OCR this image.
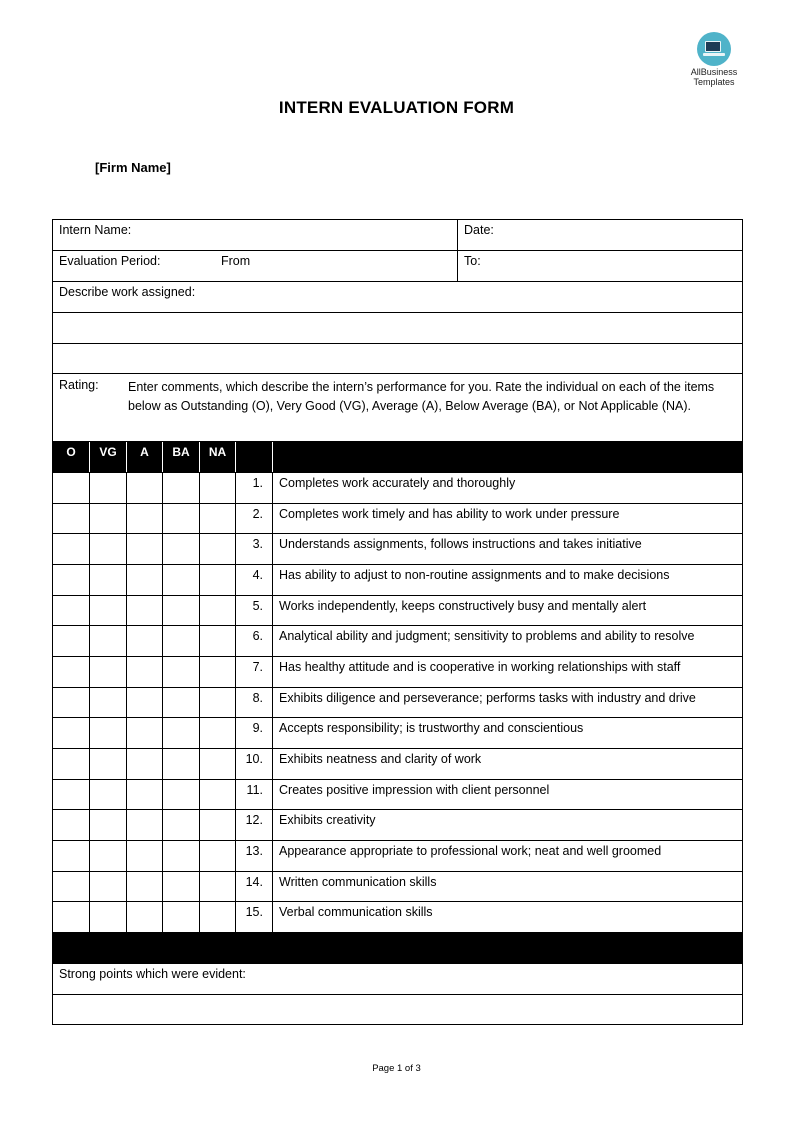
AllBusiness
Templates
INTERN EVALUATION FORM
[Firm Name]
Intern Name:	Date:
Evaluation Period:	From	To:
Describe work assigned:
Rating: Enter comments, which describe the intern’s performance for you. Rate the individual on each of the items below as Outstanding (O), Very Good (VG), Average (A), Below Average (BA), or Not Applicable (NA).
O	VG	A	BA	NA
1.	Completes work accurately and thoroughly
2.	Completes work timely and has ability to work under pressure
3.	Understands assignments, follows instructions and takes initiative
4.	Has ability to adjust to non-routine assignments and to make decisions
5.	Works independently, keeps constructively busy and mentally alert
6.	Analytical ability and judgment; sensitivity to problems and ability to resolve
7.	Has healthy attitude and is cooperative in working relationships with staff
8.	Exhibits diligence and perseverance; performs tasks with industry and drive
9.	Accepts responsibility; is trustworthy and conscientious
10.	Exhibits neatness and clarity of work
11.	Creates positive impression with client personnel
12.	Exhibits creativity
13.	Appearance appropriate to professional work; neat and well groomed
14.	Written communication skills
15.	Verbal communication skills
Strong points which were evident:
Page 1 of 3
